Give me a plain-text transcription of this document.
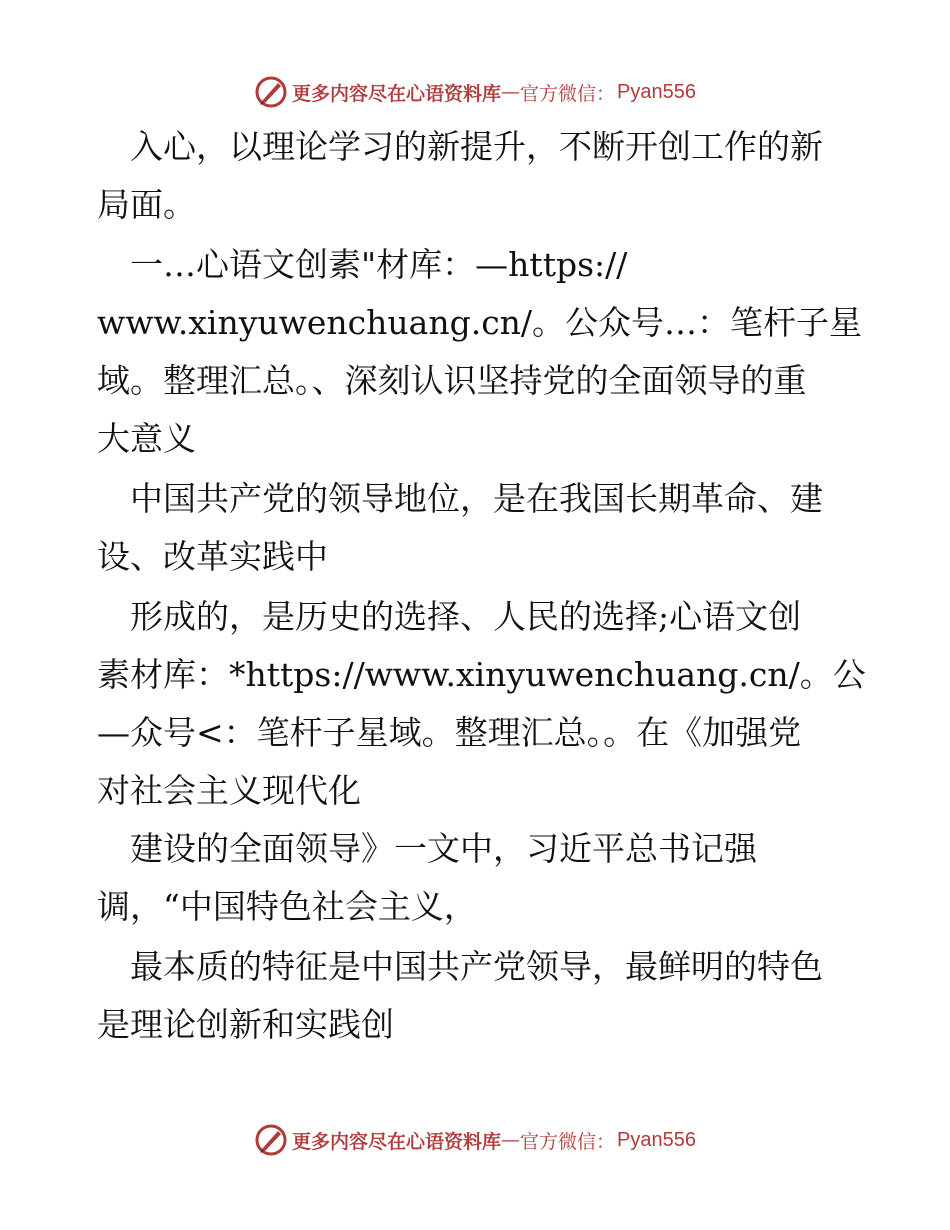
更多内容尽在心语资料库 — 官方微信： Pyan556
　入心，以理论学习的新提升，不断开创工作的新
局面。
　一…心语文创素"材库：—https://
www.xinyuwenchuang.cn/。公众号…：笔杆子星
域。整理汇总。、深刻认识坚持党的全面领导的重
大意义
　中国共产党的领导地位，是在我国长期革命、建
设、改革实践中
　形成的，是历史的选择、人民的选择;心语文创
素材库：*https://www.xinyuwenchuang.cn/。公
—众号<：笔杆子星域。整理汇总。。在《加强党
对社会主义现代化
　建设的全面领导》一文中，习近平总书记强
调，“中国特色社会主义，
　最本质的特征是中国共产党领导，最鲜明的特色
是理论创新和实践创
更多内容尽在心语资料库 — 官方微信： Pyan556
